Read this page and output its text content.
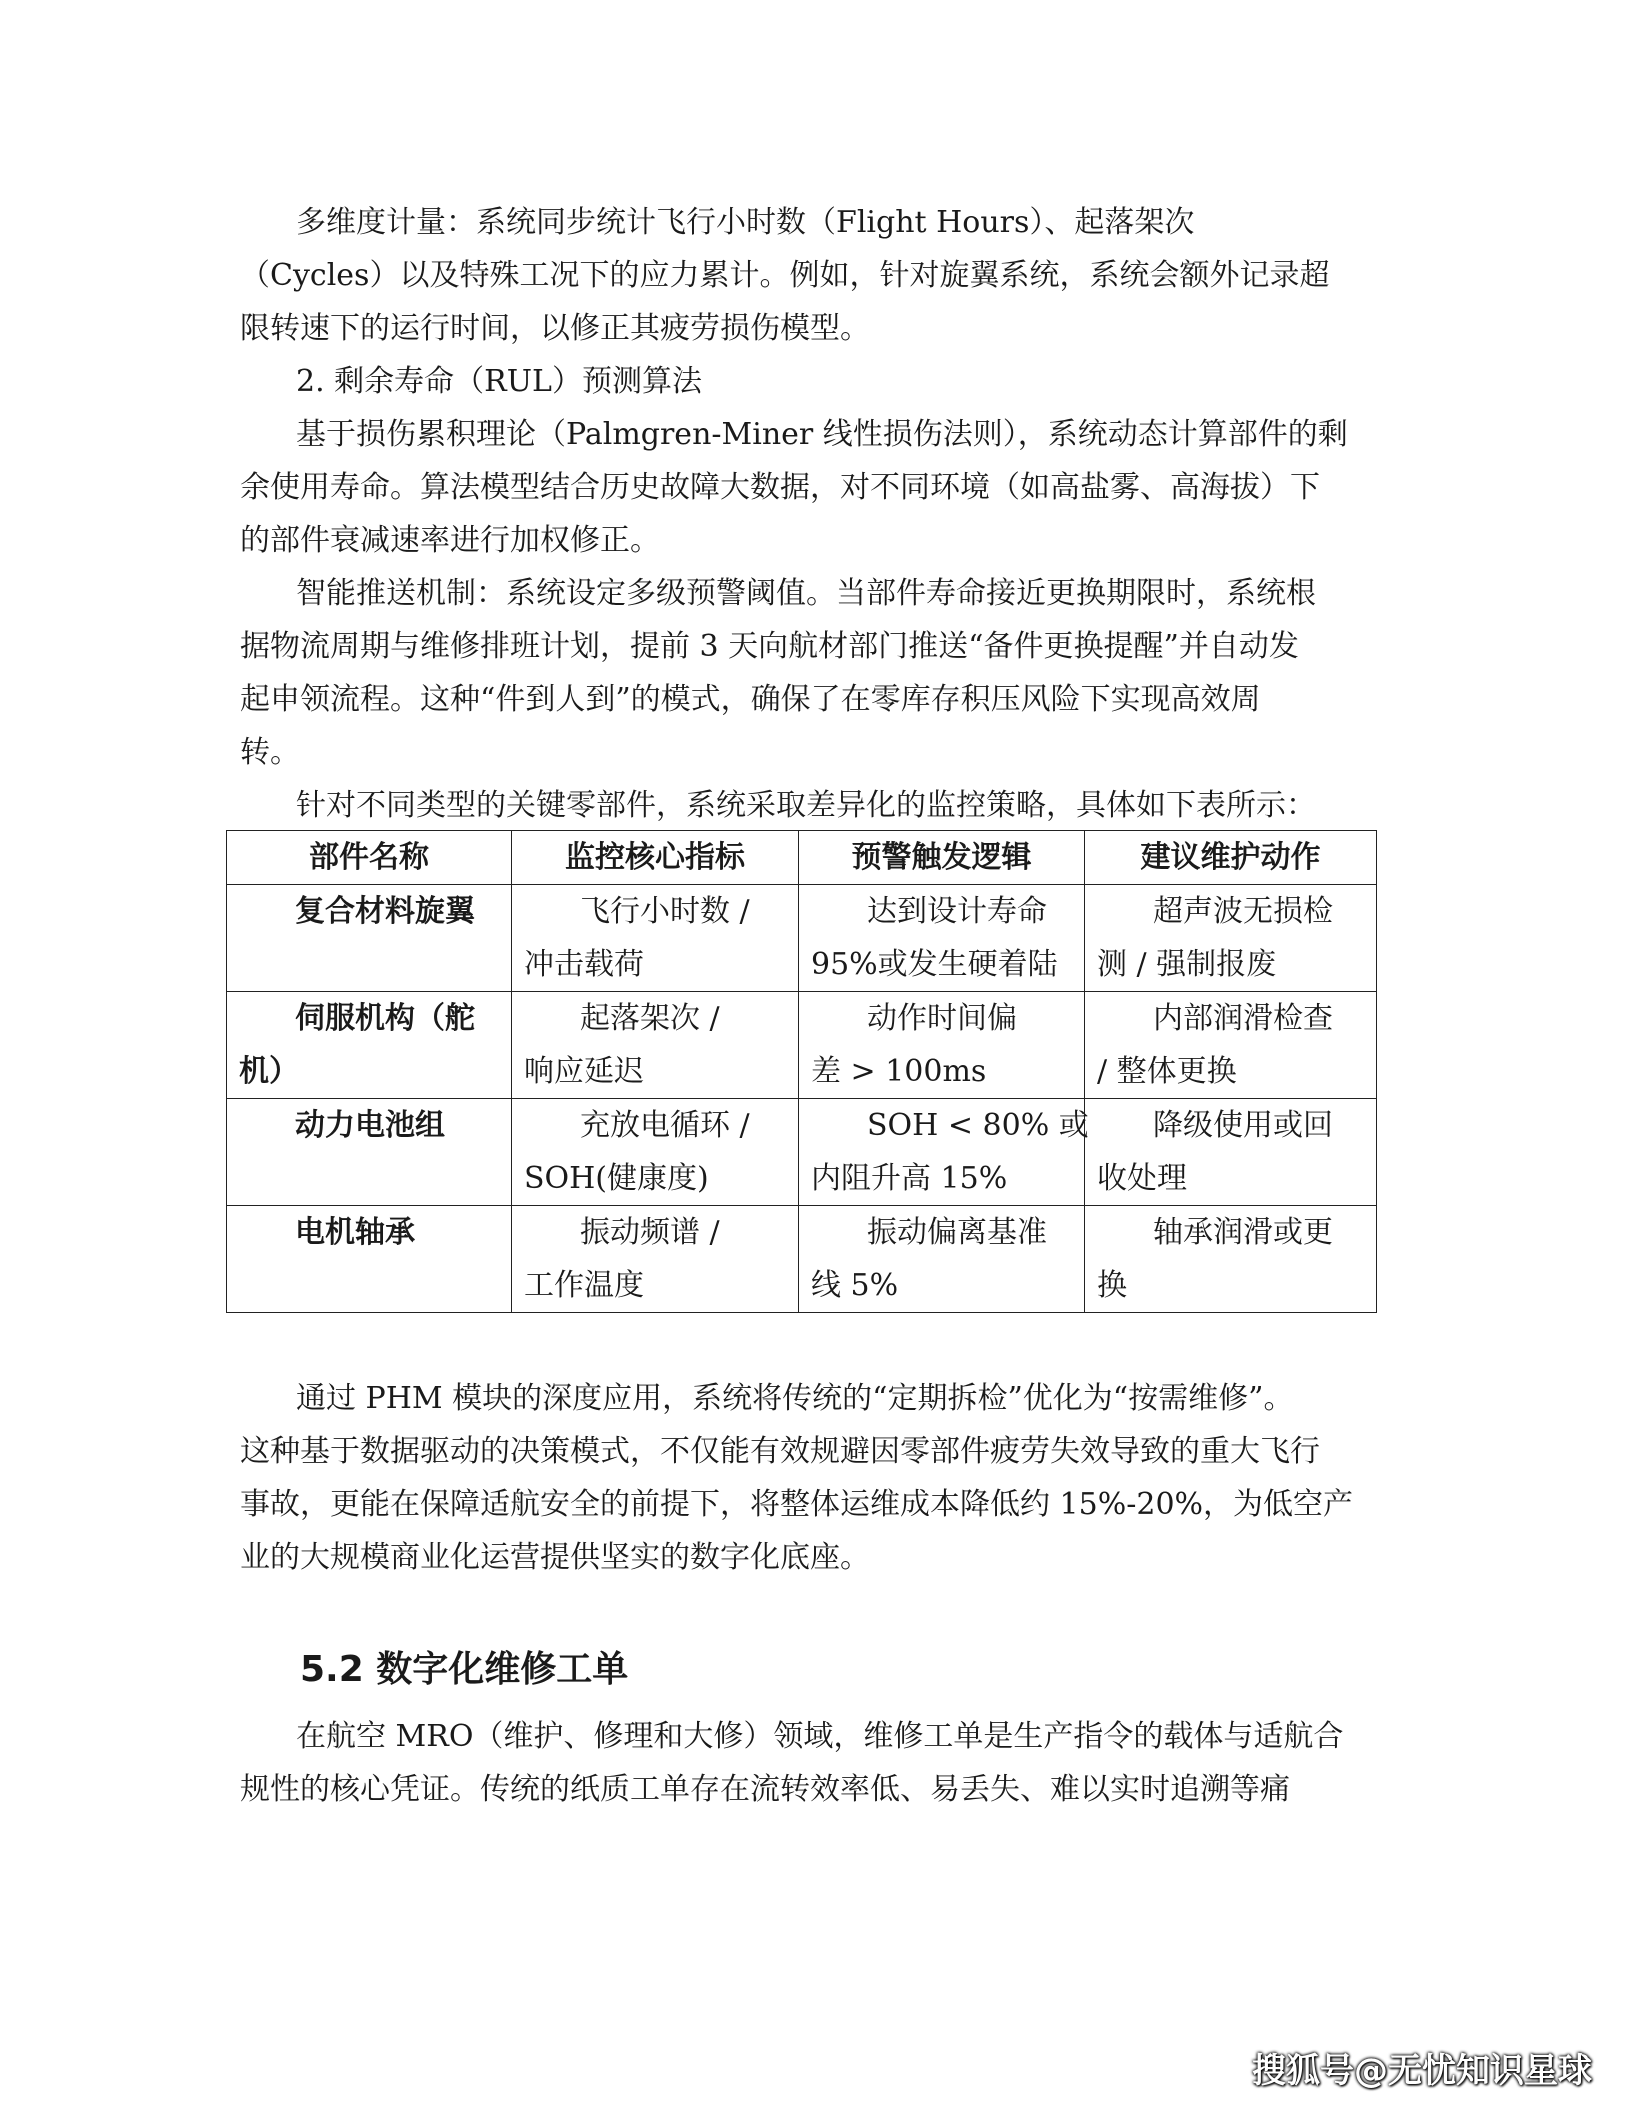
多维度计量：系统同步统计飞行小时数（Flight Hours）、起落架次
（Cycles）以及特殊工况下的应力累计。例如，针对旋翼系统，系统会额外记录超
限转速下的运行时间，以修正其疲劳损伤模型。

2. 剩余寿命（RUL）预测算法

基于损伤累积理论（Palmgren-Miner 线性损伤法则），系统动态计算部件的剩
余使用寿命。算法模型结合历史故障大数据，对不同环境（如高盐雾、高海拔）下
的部件衰减速率进行加权修正。

智能推送机制：系统设定多级预警阈值。当部件寿命接近更换期限时，系统根
据物流周期与维修排班计划，提前 3 天向航材部门推送“备件更换提醒”并自动发
起申领流程。这种“件到人到”的模式，确保了在零库存积压风险下实现高效周
转。

针对不同类型的关键零部件，系统采取差异化的监控策略，具体如下表所示：

部件名称	监控核心指标	预警触发逻辑	建议维护动作

复合材料旋翼	飞行小时数 /
冲击载荷	达到设计寿命
95%或发生硬着陆	超声波无损检
测 / 强制报废

伺服机构（舵
机）	起落架次 /
响应延迟	动作时间偏
差 > 100ms	内部润滑检查
/ 整体更换

动力电池组	充放电循环 /
SOH(健康度)	SOH < 80% 或
内阻升高 15%	降级使用或回
收处理

电机轴承	振动频谱 /
工作温度	振动偏离基准
线 5%	轴承润滑或更
换

通过 PHM 模块的深度应用，系统将传统的“定期拆检”优化为“按需维修”。
这种基于数据驱动的决策模式，不仅能有效规避因零部件疲劳失效导致的重大飞行
事故，更能在保障适航安全的前提下，将整体运维成本降低约 15%-20%，为低空产
业的大规模商业化运营提供坚实的数字化底座。

5.2 数字化维修工单

在航空 MRO（维护、修理和大修）领域，维修工单是生产指令的载体与适航合
规性的核心凭证。传统的纸质工单存在流转效率低、易丢失、难以实时追溯等痛

搜狐号@无忧知识星球
